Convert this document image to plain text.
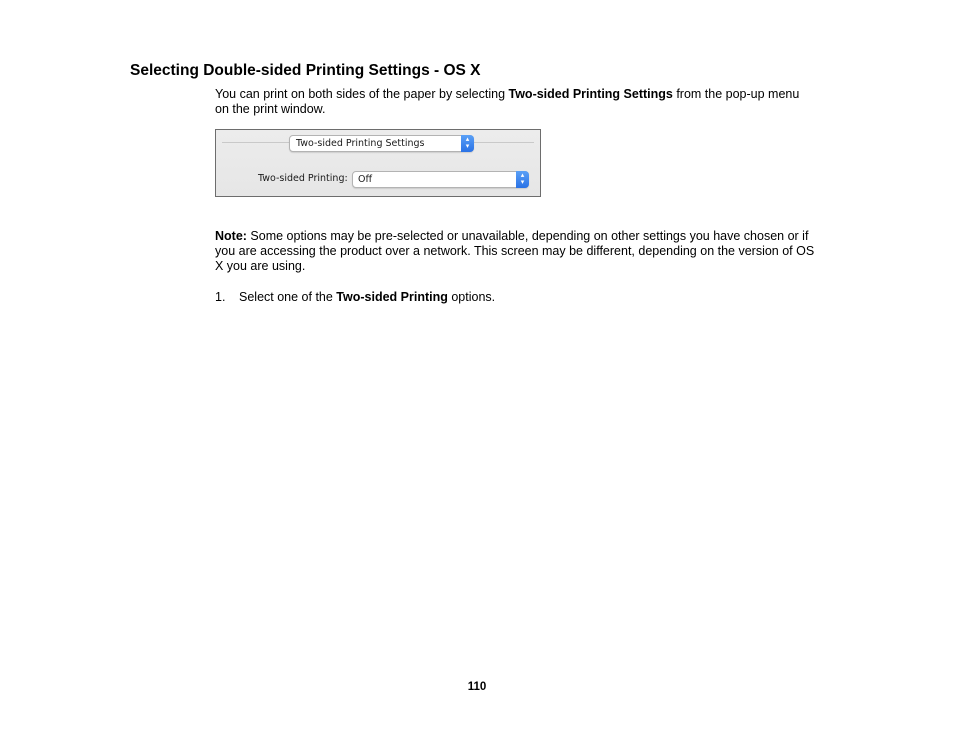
Selecting Double-sided Printing Settings - OS X

You can print on both sides of the paper by selecting Two-sided Printing Settings from the pop-up menu on the print window.

Two-sided Printing Settings	▴
▾
Two-sided Printing:	Off	▴
▾

Note: Some options may be pre-selected or unavailable, depending on other settings you have chosen or if you are accessing the product over a network. This screen may be different, depending on the version of OS X you are using.

1. Select one of the Two-sided Printing options.
110
